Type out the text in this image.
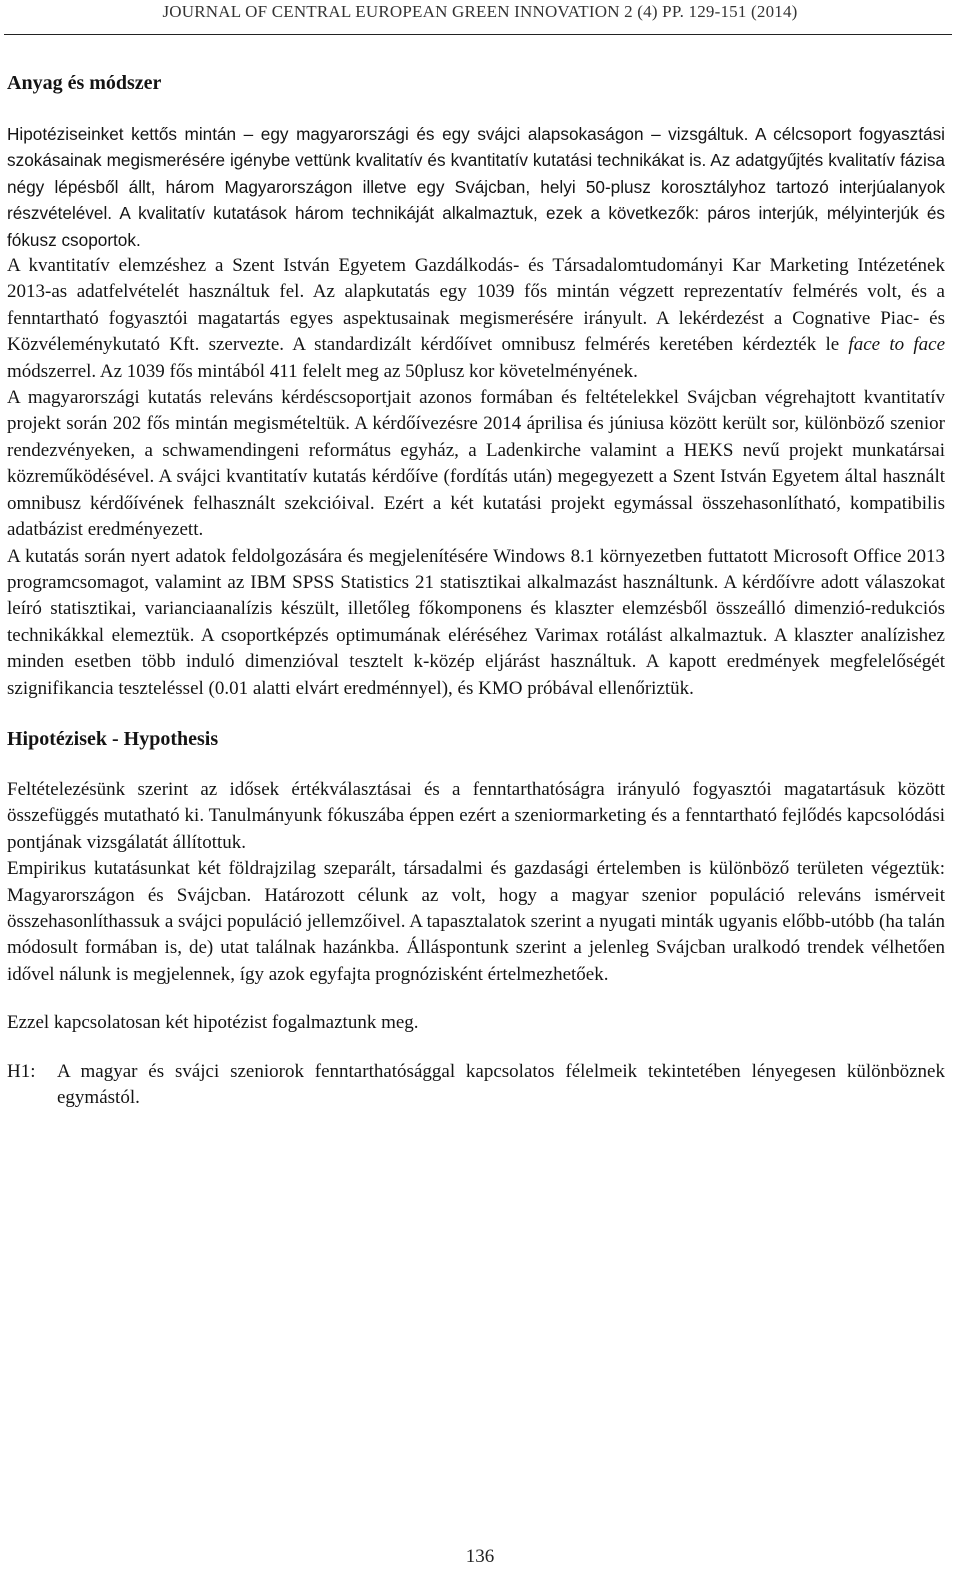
JOURNAL OF CENTRAL EUROPEAN GREEN INNOVATION 2 (4) PP. 129-151 (2014)
Anyag és módszer

Hipotéziseinket kettős mintán – egy magyarországi és egy svájci alapsokaságon – vizsgáltuk. A célcsoport fogyasztási szokásainak megismerésére igénybe vettünk kvalitatív és kvantitatív kutatási technikákat is. Az adatgyűjtés kvalitatív fázisa négy lépésből állt, három Magyarországon illetve egy Svájcban, helyi 50-plusz korosztályhoz tartozó interjúalanyok részvételével. A kvalitatív kutatások három technikáját alkalmaztuk, ezek a következők: páros interjúk, mélyinterjúk és fókusz csoportok.

A kvantitatív elemzéshez a Szent István Egyetem Gazdálkodás- és Társadalomtudományi Kar Marketing Intézetének 2013-as adatfelvételét használtuk fel. Az alapkutatás egy 1039 fős mintán végzett reprezentatív felmérés volt, és a fenntartható fogyasztói magatartás egyes aspektusainak megismerésére irányult. A lekérdezést a Cognative Piac- és Közvéleménykutató Kft. szervezte. A standardizált kérdőívet omnibusz felmérés keretében kérdezték le face to face módszerrel. Az 1039 fős mintából 411 felelt meg az 50plusz kor követelményének.

A magyarországi kutatás releváns kérdéscsoportjait azonos formában és feltételekkel Svájcban végrehajtott kvantitatív projekt során 202 fős mintán megismételtük. A kérdőívezésre 2014 áprilisa és júniusa között került sor, különböző szenior rendezvényeken, a schwamendingeni református egyház, a Ladenkirche valamint a HEKS nevű projekt munkatársai közreműködésével. A svájci kvantitatív kutatás kérdőíve (fordítás után) megegyezett a Szent István Egyetem által használt omnibusz kérdőívének felhasznált szekcióival. Ezért a két kutatási projekt egymással összehasonlítható, kompatibilis adatbázist eredményezett.

A kutatás során nyert adatok feldolgozására és megjelenítésére Windows 8.1 környezetben futtatott Microsoft Office 2013 programcsomagot, valamint az IBM SPSS Statistics 21 statisztikai alkalmazást használtunk. A kérdőívre adott válaszokat leíró statisztikai, varianciaanalízis készült, illetőleg főkomponens és klaszter elemzésből összeálló dimenzió-redukciós technikákkal elemeztük. A csoportképzés optimumának eléréséhez Varimax rotálást alkalmaztuk. A klaszter analízishez minden esetben több induló dimenzióval tesztelt k-közép eljárást használtuk. A kapott eredmények megfelelőségét szignifikancia teszteléssel (0.01 alatti elvárt eredménnyel), és KMO próbával ellenőriztük.

Hipotézisek - Hypothesis

Feltételezésünk szerint az idősek értékválasztásai és a fenntarthatóságra irányuló fogyasztói magatartásuk között összefüggés mutatható ki. Tanulmányunk fókuszába éppen ezért a szeniormarketing és a fenntartható fejlődés kapcsolódási pontjának vizsgálatát állítottuk.

Empirikus kutatásunkat két földrajzilag szeparált, társadalmi és gazdasági értelemben is különböző területen végeztük: Magyarországon és Svájcban. Határozott célunk az volt, hogy a magyar szenior populáció releváns ismérveit összehasonlíthassuk a svájci populáció jellemzőivel. A tapasztalatok szerint a nyugati minták ugyanis előbb-utóbb (ha talán módosult formában is, de) utat találnak hazánkba. Álláspontunk szerint a jelenleg Svájcban uralkodó trendek vélhetően idővel nálunk is megjelennek, így azok egyfajta prognózisként értelmezhetőek.

Ezzel kapcsolatosan két hipotézist fogalmaztunk meg.

H1:	A magyar és svájci szeniorok fenntarthatósággal kapcsolatos félelmeik tekintetében lényegesen különböznek egymástól.
136
